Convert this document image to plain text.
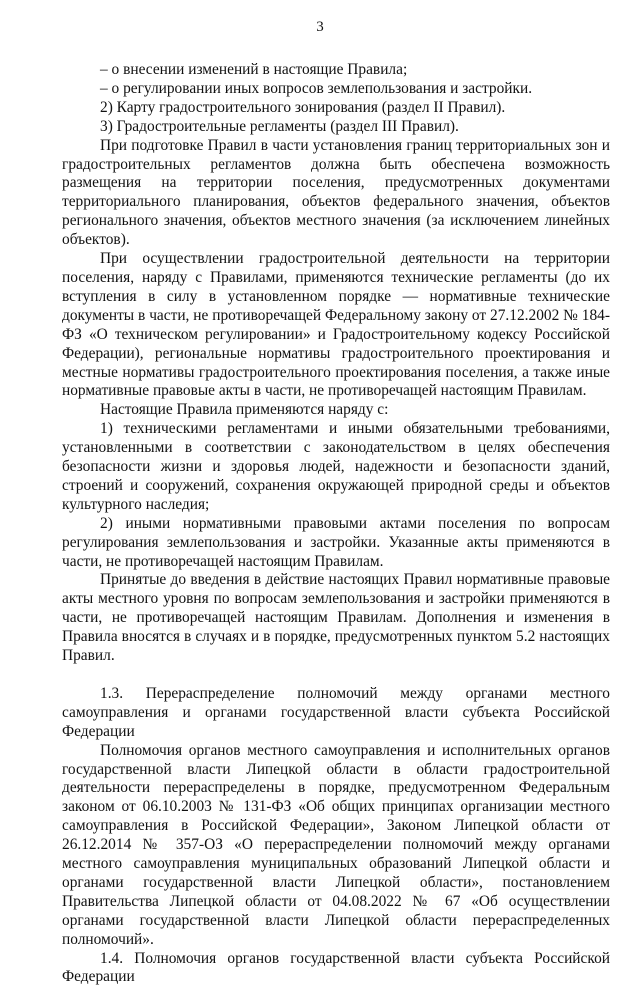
3

‒ о внесении изменений в настоящие Правила;

‒ о регулировании иных вопросов землепользования и застройки.

2) Карту градостроительного зонирования (раздел II Правил).

3) Градостроительные регламенты (раздел III Правил).

При подготовке Правил в части установления границ территориальных зон и градостроительных регламентов должна быть обеспечена возможность размещения на территории поселения, предусмотренных документами территориального планирования, объектов федерального значения, объектов регионального значения, объектов местного значения (за исключением линейных объектов).

При осуществлении градостроительной деятельности на территории поселения, наряду с Правилами, применяются технические регламенты (до их вступления в силу в установленном порядке — нормативные технические документы в части, не противоречащей Федеральному закону от 27.12.2002 № 184-ФЗ «О техническом регулировании» и Градостроительному кодексу Российской Федерации), региональные нормативы градостроительного проектирования и местные нормативы градостроительного проектирования поселения, а также иные нормативные правовые акты в части, не противоречащей настоящим Правилам.

Настоящие Правила применяются наряду с:

1) техническими регламентами и иными обязательными требованиями, установленными в соответствии с законодательством в целях обеспечения безопасности жизни и здоровья людей, надежности и безопасности зданий, строений и сооружений, сохранения окружающей природной среды и объектов культурного наследия;

2) иными нормативными правовыми актами поселения по вопросам регулирования землепользования и застройки. Указанные акты применяются в части, не противоречащей настоящим Правилам.

Принятые до введения в действие настоящих Правил нормативные правовые акты местного уровня по вопросам землепользования и застройки применяются в части, не противоречащей настоящим Правилам. Дополнения и изменения в Правила вносятся в случаях и в порядке, предусмотренных пунктом 5.2 настоящих Правил.

1.3. Перераспределение полномочий между органами местного самоуправления и органами государственной власти субъекта Российской Федерации

Полномочия органов местного самоуправления и исполнительных органов государственной власти Липецкой области в области градостроительной деятельности перераспределены в порядке, предусмотренном Федеральным законом от 06.10.2003 № 131-ФЗ «Об общих принципах организации местного самоуправления в Российской Федерации», Законом Липецкой области от 26.12.2014 № 357-ОЗ «О перераспределении полномочий между органами местного самоуправления муниципальных образований Липецкой области и органами государственной власти Липецкой области», постановлением Правительства Липецкой области от 04.08.2022 № 67 «Об осуществлении органами государственной власти Липецкой области перераспределенных полномочий».

1.4. Полномочия органов государственной власти субъекта Российской Федерации
